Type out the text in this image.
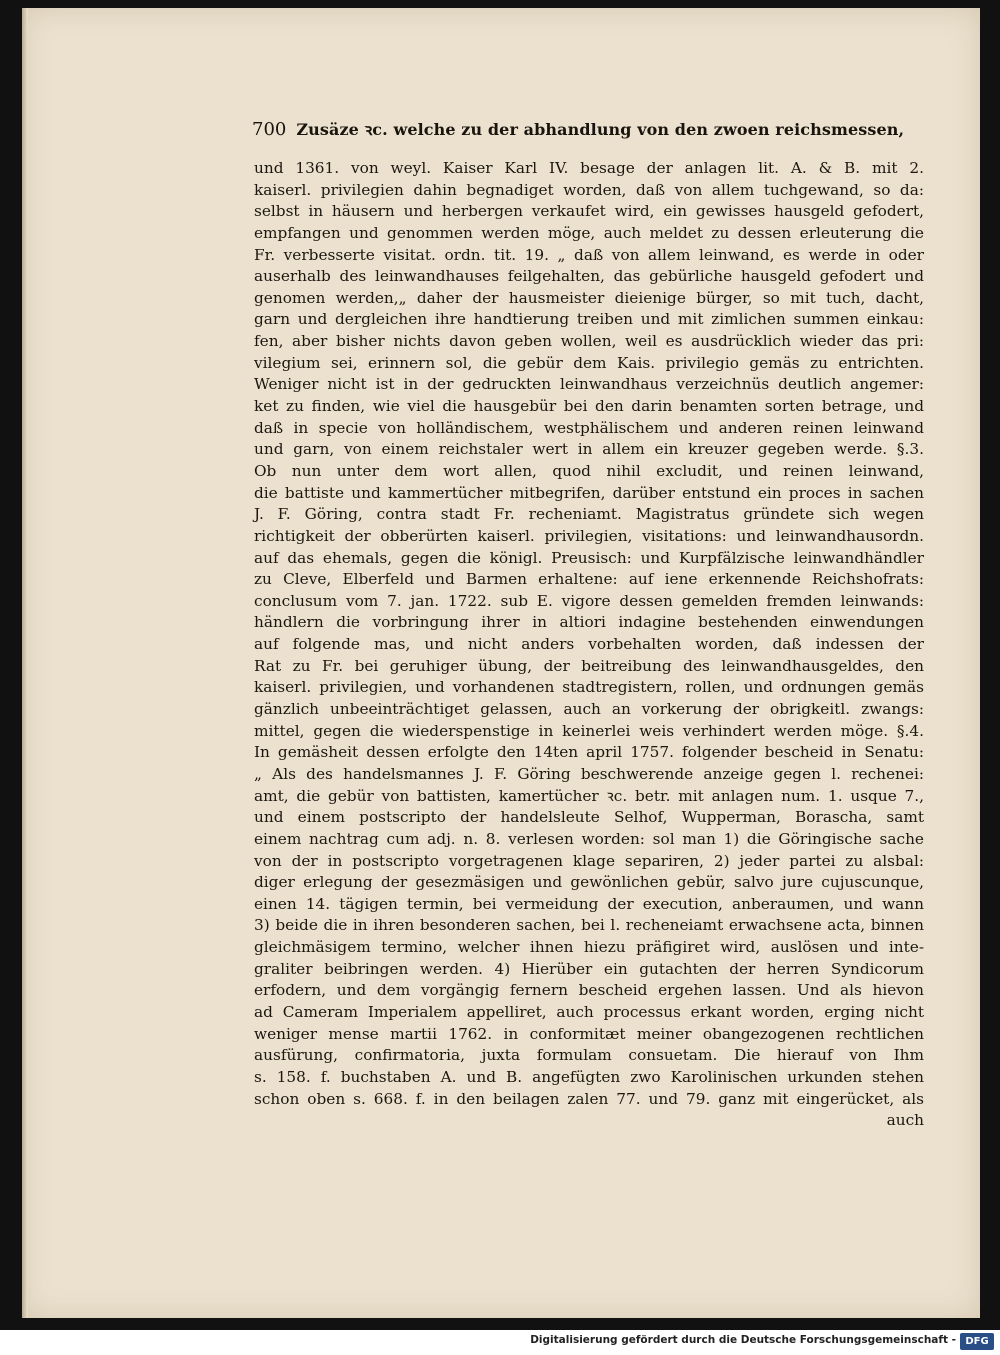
700 Zusäze ꝛc. welche zu der abhandlung von den zwoen reichsmessen,
und 1361. von weyl. Kaiser Karl IV. besage der anlagen lit. A. & B. mit 2.
kaiserl. privilegien dahin begnadiget worden, daß von allem tuchgewand, so da:
selbst in häusern und herbergen verkaufet wird, ein gewisses hausgeld gefodert,
empfangen und genommen werden möge, auch meldet zu dessen erleuterung die
Fr. verbesserte visitat. ordn. tit. 19. „ daß von allem leinwand, es werde in oder
auserhalb des leinwandhauses feilgehalten, das gebürliche hausgeld gefodert und
genomen werden,„ daher der hausmeister dieienige bürger, so mit tuch, dacht,
garn und dergleichen ihre handtierung treiben und mit zimlichen summen einkau:
fen, aber bisher nichts davon geben wollen, weil es ausdrücklich wieder das pri:
vilegium sei, erinnern sol, die gebür dem Kais. privilegio gemäs zu entrichten.
Weniger nicht ist in der gedruckten leinwandhaus verzeichnüs deutlich angemer:
ket zu finden, wie viel die hausgebür bei den darin benamten sorten betrage, und
daß in specie von holländischem, westphälischem und anderen reinen leinwand
und garn, von einem reichstaler wert in allem ein kreuzer gegeben werde. §.3.
Ob nun unter dem wort allen, quod nihil excludit, und reinen leinwand,
die battiste und kammertücher mitbegrifen, darüber entstund ein proces in sachen
J. F. Göring, contra stadt Fr. recheniamt. Magistratus gründete sich wegen
richtigkeit der obberürten kaiserl. privilegien, visitations: und leinwandhausordn.
auf das ehemals, gegen die königl. Preusisch: und Kurpfälzische leinwandhändler
zu Cleve, Elberfeld und Barmen erhaltene: auf iene erkennende Reichshofrats:
conclusum vom 7. jan. 1722. sub E. vigore dessen gemelden fremden leinwands:
händlern die vorbringung ihrer in altiori indagine bestehenden einwendungen
auf folgende mas, und nicht anders vorbehalten worden, daß indessen der
Rat zu Fr. bei geruhiger übung, der beitreibung des leinwandhausgeldes, den
kaiserl. privilegien, und vorhandenen stadtregistern, rollen, und ordnungen gemäs
gänzlich unbeeinträchtiget gelassen, auch an vorkerung der obrigkeitl. zwangs:
mittel, gegen die wiederspenstige in keinerlei weis verhindert werden möge. §.4.
In gemäsheit dessen erfolgte den 14ten april 1757. folgender bescheid in Senatu:
„ Als des handelsmannes J. F. Göring beschwerende anzeige gegen l. rechenei:
amt, die gebür von battisten, kamertücher ꝛc. betr. mit anlagen num. 1. usque 7.,
und einem postscripto der handelsleute Selhof, Wupperman, Borascha, samt
einem nachtrag cum adj. n. 8. verlesen worden: sol man 1) die Göringische sache
von der in postscripto vorgetragenen klage separiren, 2) jeder partei zu alsbal:
diger erlegung der gesezmäsigen und gewönlichen gebür, salvo jure cujuscunque,
einen 14. tägigen termin, bei vermeidung der execution, anberaumen, und wann
3) beide die in ihren besonderen sachen, bei l. recheneiamt erwachsene acta, binnen
gleichmäsigem termino, welcher ihnen hiezu präfigiret wird, auslösen und inte-
graliter beibringen werden. 4) Hierüber ein gutachten der herren Syndicorum
erfodern, und dem vorgängig fernern bescheid ergehen lassen. Und als hievon
ad Cameram Imperialem appelliret, auch processus erkant worden, erging nicht
weniger mense martii 1762. in conformitæt meiner obangezogenen rechtlichen
ausfürung, confirmatoria, juxta formulam consuetam. Die hierauf von Ihm
s. 158. f. buchstaben A. und B. angefügten zwo Karolinischen urkunden stehen
schon oben s. 668. f. in den beilagen zalen 77. und 79. ganz mit eingerücket, als
auch
Digitalisierung gefördert durch die Deutsche Forschungsgemeinschaft - DFG
